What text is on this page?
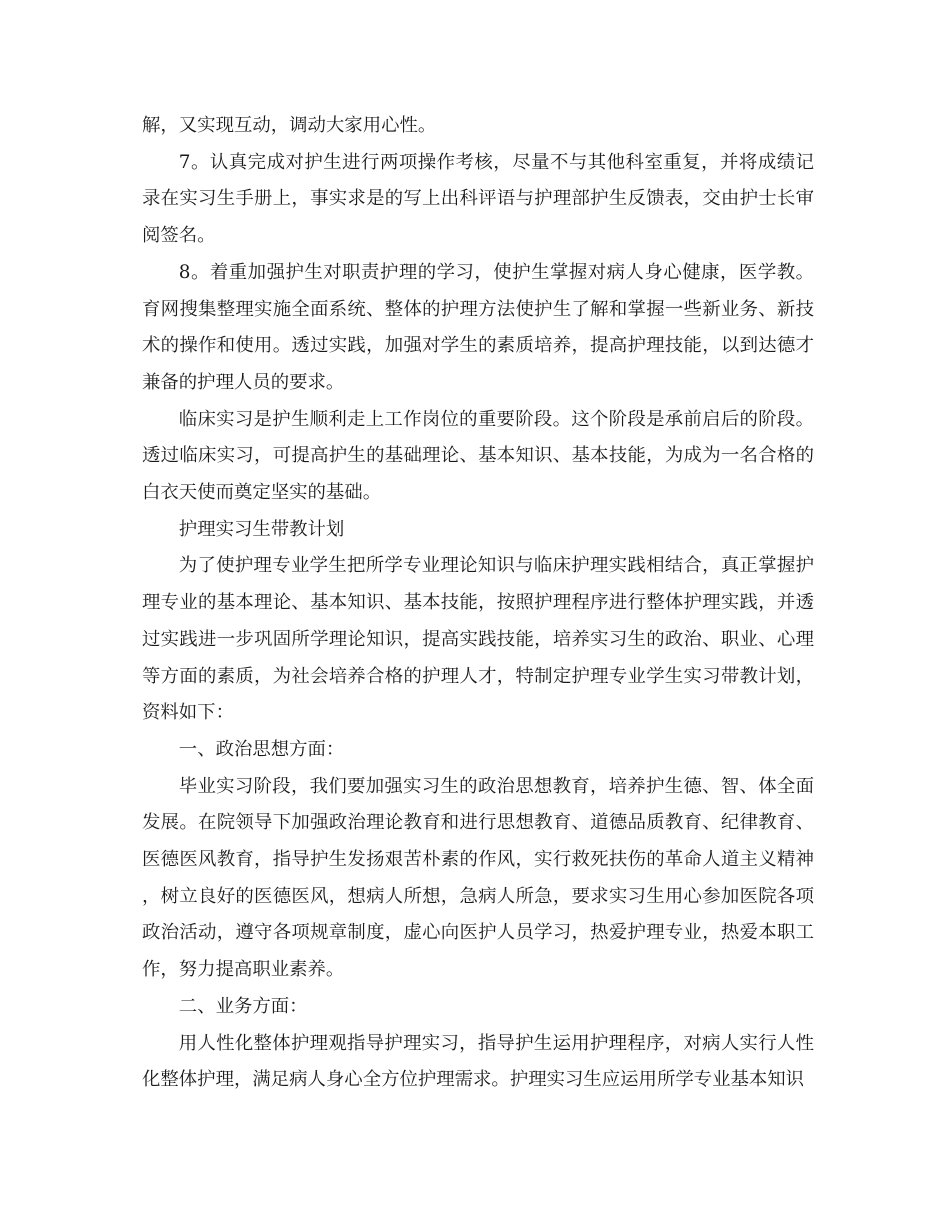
解，又实现互动，调动大家用心性。

7。认真完成对护生进行两项操作考核，尽量不与其他科室重复，并将成绩记录在实习生手册上，事实求是的写上出科评语与护理部护生反馈表，交由护士长审阅签名。

8。着重加强护生对职责护理的学习，使护生掌握对病人身心健康，医学教。育网搜集整理实施全面系统、整体的护理方法使护生了解和掌握一些新业务、新技术的操作和使用。透过实践，加强对学生的素质培养，提高护理技能，以到达德才兼备的护理人员的要求。

临床实习是护生顺利走上工作岗位的重要阶段。这个阶段是承前启后的阶段。透过临床实习，可提高护生的基础理论、基本知识、基本技能，为成为一名合格的白衣天使而奠定坚实的基础。

护理实习生带教计划

为了使护理专业学生把所学专业理论知识与临床护理实践相结合，真正掌握护理专业的基本理论、基本知识、基本技能，按照护理程序进行整体护理实践，并透过实践进一步巩固所学理论知识，提高实践技能，培养实习生的政治、职业、心理等方面的素质，为社会培养合格的护理人才，特制定护理专业学生实习带教计划，资料如下：

一、政治思想方面：

毕业实习阶段，我们要加强实习生的政治思想教育，培养护生德、智、体全面发展。在院领导下加强政治理论教育和进行思想教育、道德品质教育、纪律教育、医德医风教育，指导护生发扬艰苦朴素的作风，实行救死扶伤的革命人道主义精神，树立良好的医德医风，想病人所想，急病人所急，要求实习生用心参加医院各项政治活动，遵守各项规章制度，虚心向医护人员学习，热爱护理专业，热爱本职工作，努力提高职业素养。

二、业务方面：

用人性化整体护理观指导护理实习，指导护生运用护理程序，对病人实行人性化整体护理，满足病人身心全方位护理需求。护理实习生应运用所学专业基本知识
